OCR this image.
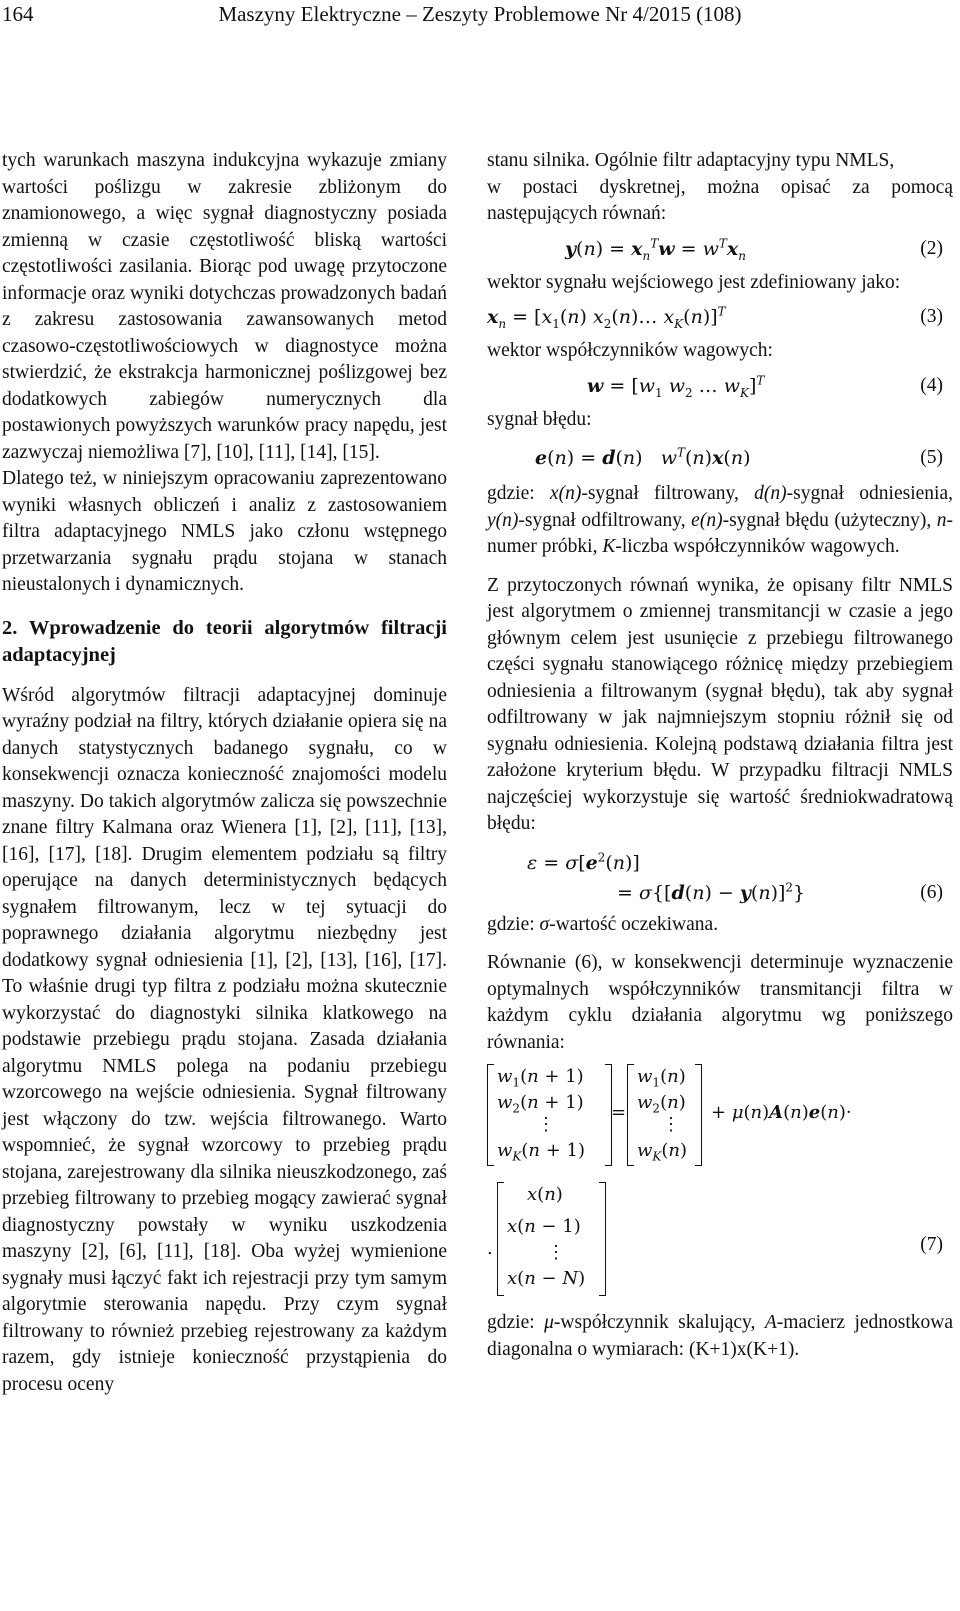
164	Maszyny Elektryczne – Zeszyty Problemowe Nr 4/2015 (108)

tych warunkach maszyna indukcyjna wykazuje zmiany wartości poślizgu w zakresie zbliżonym do znamionowego, a więc sygnał diagnostyczny posiada zmienną w czasie częstotliwość bliską wartości częstotliwości zasilania. Biorąc pod uwagę przytoczone informacje oraz wyniki dotychczas prowadzonych badań z zakresu zastosowania zawansowanych metod czasowo-częstotliwościowych w diagnostyce można stwierdzić, że ekstrakcja harmonicznej poślizgowej bez dodatkowych zabiegów numerycznych dla postawionych powyższych warunków pracy napędu, jest zazwyczaj niemożliwa [7], [10], [11], [14], [15].

Dlatego też, w niniejszym opracowaniu zaprezentowano wyniki własnych obliczeń i analiz z zastosowaniem filtra adaptacyjnego NMLS jako członu wstępnego przetwarzania sygnału prądu stojana w stanach nieustalonych i dynamicznych.

2. Wprowadzenie do teorii algorytmów filtracji adaptacyjnej

Wśród algorytmów filtracji adaptacyjnej dominuje wyraźny podział na filtry, których działanie opiera się na danych statystycznych badanego sygnału, co w konsekwencji oznacza konieczność znajomości modelu maszyny. Do takich algorytmów zalicza się powszechnie znane filtry Kalmana oraz Wienera [1], [2], [11], [13], [16], [17], [18]. Drugim elementem podziału są filtry operujące na danych deterministycznych będących sygnałem filtrowanym, lecz w tej sytuacji do poprawnego działania algorytmu niezbędny jest dodatkowy sygnał odniesienia [1], [2], [13], [16], [17]. To właśnie drugi typ filtra z podziału można skutecznie wykorzystać do diagnostyki silnika klatkowego na podstawie przebiegu prądu stojana. Zasada działania algorytmu NMLS polega na podaniu przebiegu wzorcowego na wejście odniesienia. Sygnał filtrowany jest włączony do tzw. wejścia filtrowanego. Warto wspomnieć, że sygnał wzorcowy to przebieg prądu stojana, zarejestrowany dla silnika nieuszkodzonego, zaś przebieg filtrowany to przebieg mogący zawierać sygnał diagnostyczny powstały w wyniku uszkodzenia maszyny [2], [6], [11], [18]. Oba wyżej wymienione sygnały musi łączyć fakt ich rejestracji przy tym samym algorytmie sterowania napędu. Przy czym sygnał filtrowany to również przebieg rejestrowany za każdym razem, gdy istnieje konieczność przystąpienia do procesu oceny

stanu silnika. Ogólnie filtr adaptacyjny typu NMLS,

w postaci dyskretnej, można opisać za pomocą następujących równań:

$y(n) = x_n^Tw = w^Tx_n$	(2)

wektor sygnału wejściowego jest zdefiniowany jako:

$x_n = [x_1(n)$ $x_2(n)\dots$ $x_K(n)]^T$	(3)

wektor współczynników wagowych:

$w = [w_1$ $w_2$ … $w_K]^T$	(4)

sygnał błędu:

e(n) = d(n)   $w^T(n)x(n)$	(5)

gdzie: x(n)-sygnał filtrowany, d(n)-sygnał odniesienia, y(n)-sygnał odfiltrowany, e(n)-sygnał błędu (użyteczny), n-numer próbki, K-liczba współczynników wagowych.

Z przytoczonych równań wynika, że opisany filtr NMLS jest algorytmem o zmiennej transmitancji w czasie a jego głównym celem jest usunięcie z przebiegu filtrowanego części sygnału stanowiącego różnicę między przebiegiem odniesienia a filtrowanym (sygnał błędu), tak aby sygnał odfiltrowany w jak najmniejszym stopniu różnił się od sygnału odniesienia. Kolejną podstawą działania filtra jest założone kryterium błędu. W przypadku filtracji NMLS najczęściej wykorzystuje się wartość średniokwadratową błędu:

$\varepsilon = \sigma[e^2(n)]$
= $\sigma\{[d(n) - y(n)]^2\}$	(6)

gdzie: σ-wartość oczekiwana.

Równanie (6), w konsekwencji determinuje wyznaczenie optymalnych współczynników transmitancji filtra w każdym cyklu działania algorytmu wg poniższego równania:

$w_1(n + 1)$
$w_2(n + 1)$
⋮
$w_K(n + 1)$
$w_1(n)$
= $w_2(n)$
⋮
$w_K(n)$
+ μ(n)A(n)e(n)·
.
x(n)
x(n − 1)
⋮
x(n − N)
(7)

gdzie: μ-współczynnik skalujący, A-macierz jednostkowa diagonalna o wymiarach: (K+1)x(K+1).
